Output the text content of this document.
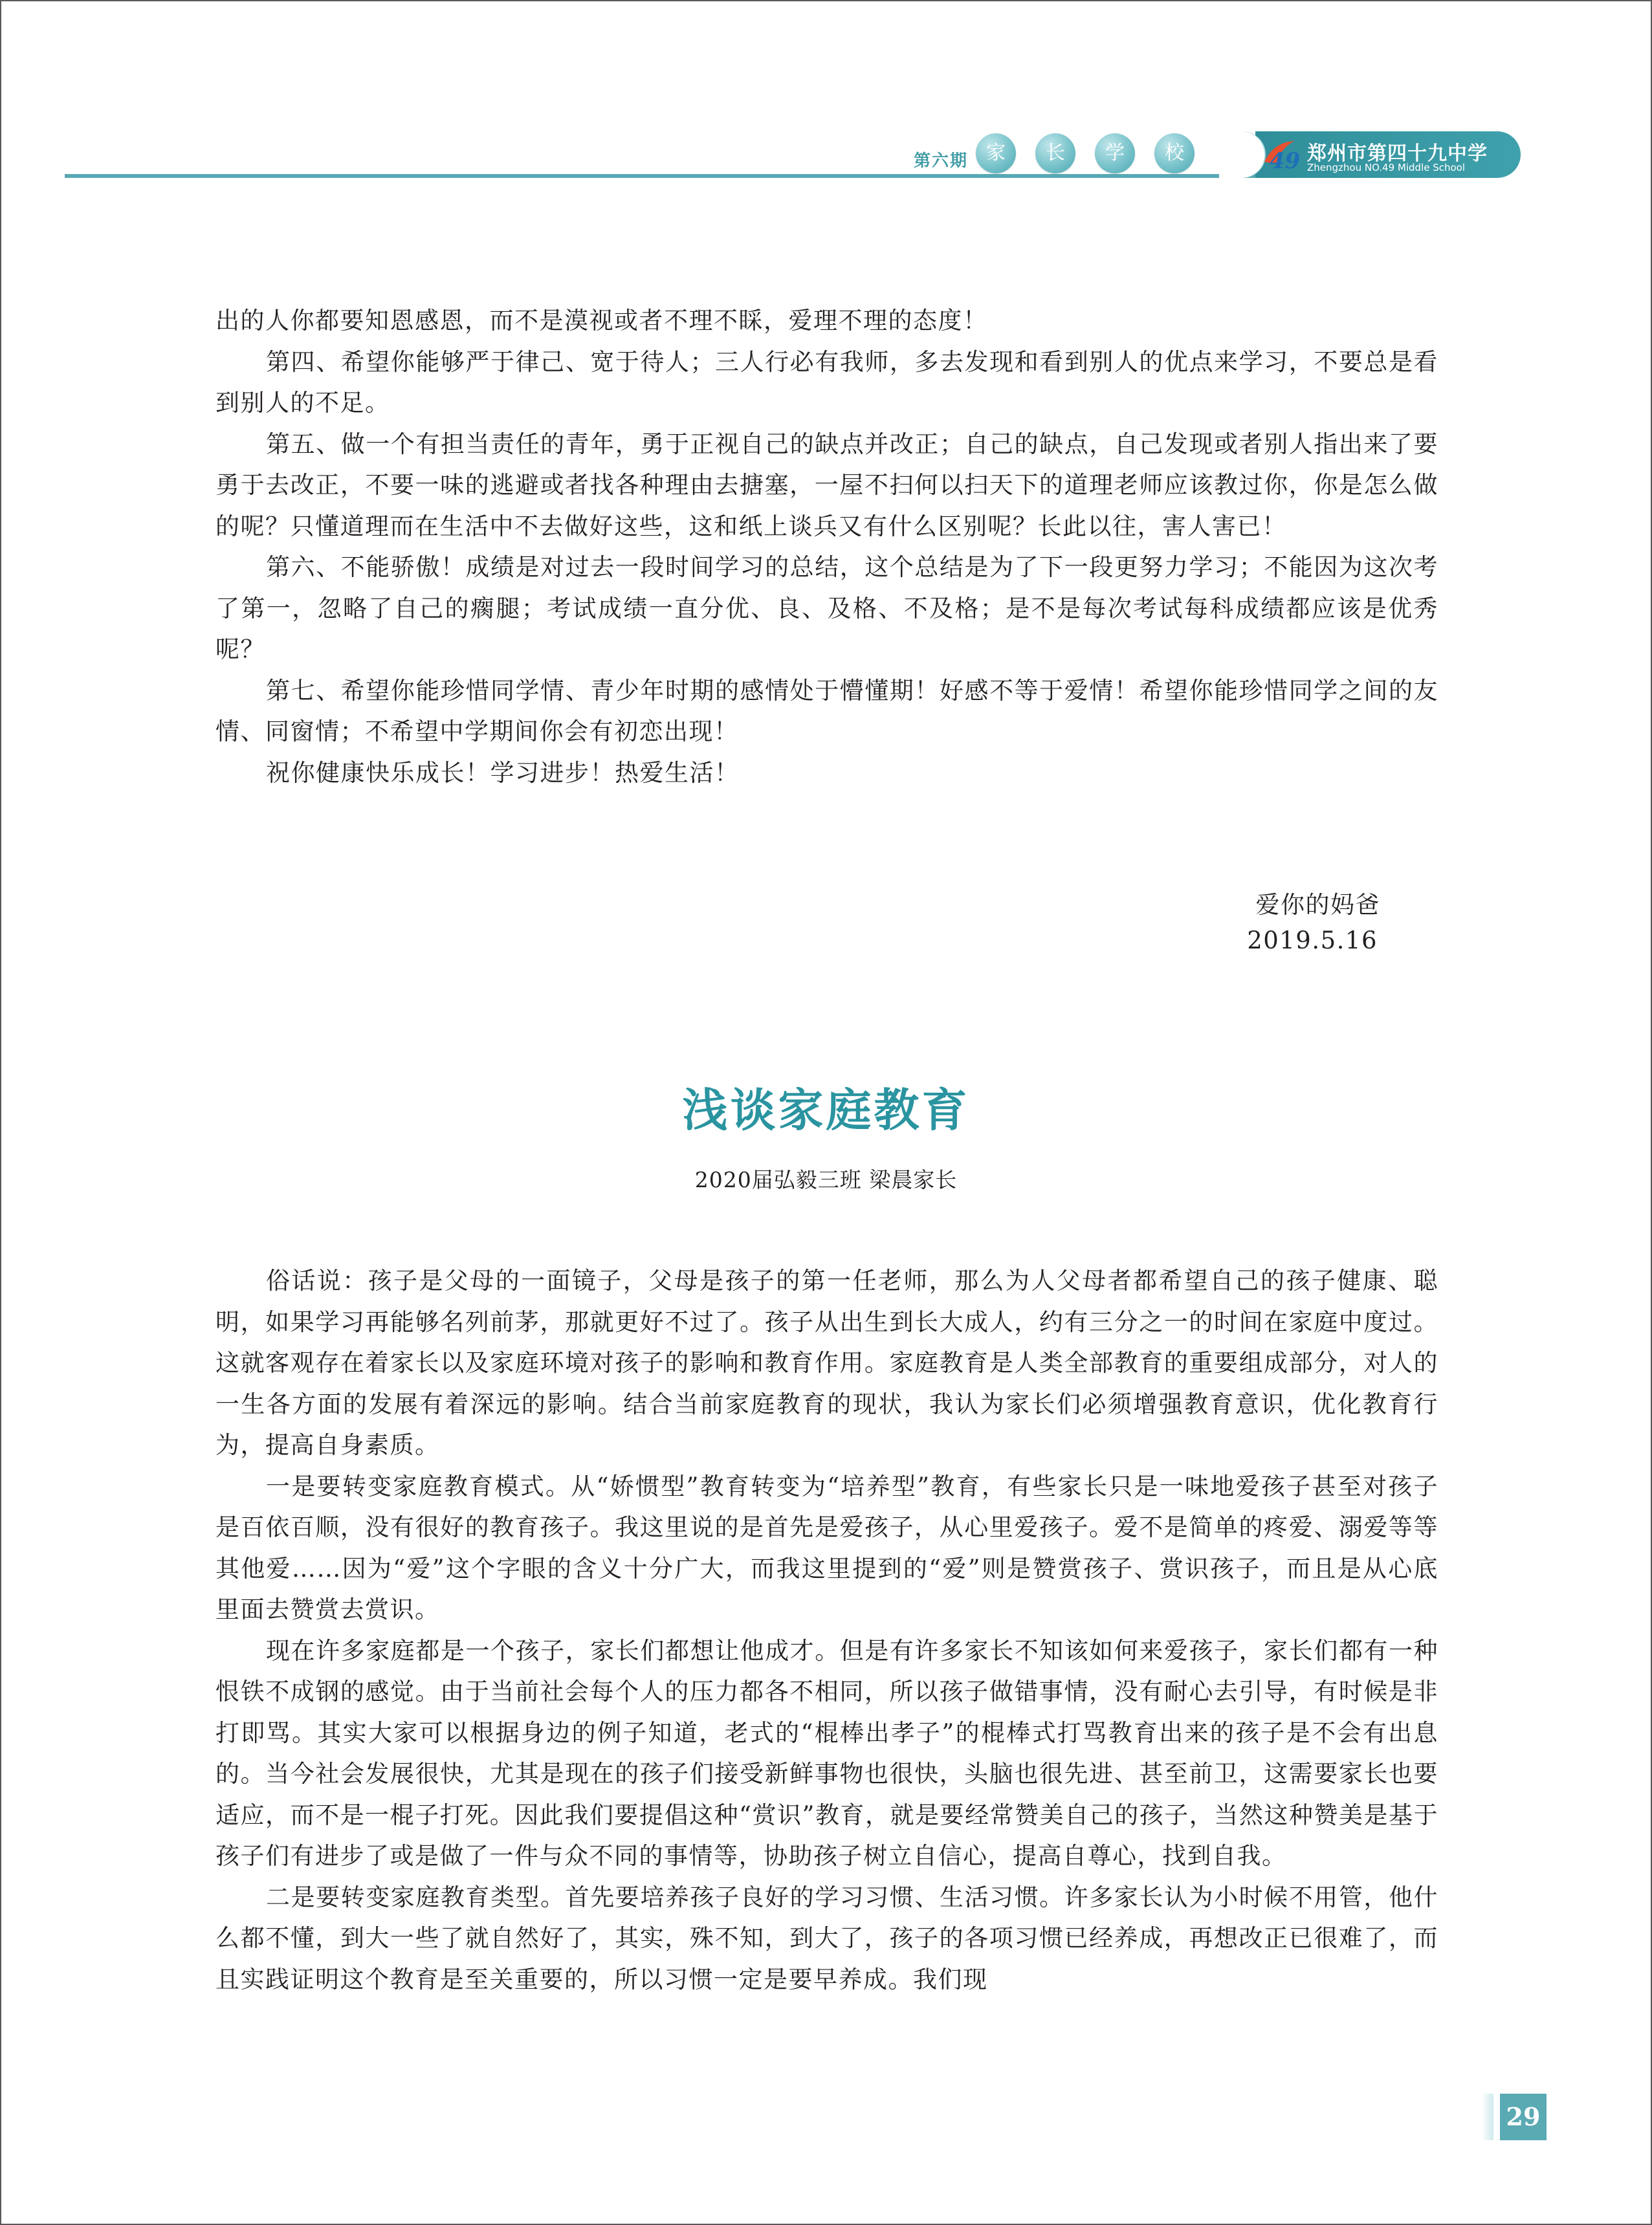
第六期 家	长	学	校	49 郑州市第四十九中学
Zhengzhou NO.49 Middle School

出的人你都要知恩感恩，而不是漠视或者不理不睬，爱理不理的态度！

第四、希望你能够严于律己、宽于待人；三人行必有我师，多去发现和看到别人的优点来学习，不要总是看到别人的不足。

第五、做一个有担当责任的青年，勇于正视自己的缺点并改正；自己的缺点，自己发现或者别人指出来了要勇于去改正，不要一味的逃避或者找各种理由去搪塞，一屋不扫何以扫天下的道理老师应该教过你，你是怎么做的呢？只懂道理而在生活中不去做好这些，这和纸上谈兵又有什么区别呢？长此以往，害人害已！

第六、不能骄傲！成绩是对过去一段时间学习的总结，这个总结是为了下一段更努力学习；不能因为这次考了第一，忽略了自己的瘸腿；考试成绩一直分优、良、及格、不及格；是不是每次考试每科成绩都应该是优秀呢？

第七、希望你能珍惜同学情、青少年时期的感情处于懵懂期！好感不等于爱情！希望你能珍惜同学之间的友情、同窗情；不希望中学期间你会有初恋出现！

祝你健康快乐成长！学习进步！热爱生活！

爱你的妈爸
2019.5.16
浅谈家庭教育
2020届弘毅三班 梁晨家长

俗话说：孩子是父母的一面镜子，父母是孩子的第一任老师，那么为人父母者都希望自己的孩子健康、聪明，如果学习再能够名列前茅，那就更好不过了。孩子从出生到长大成人，约有三分之一的时间在家庭中度过。这就客观存在着家长以及家庭环境对孩子的影响和教育作用。家庭教育是人类全部教育的重要组成部分，对人的一生各方面的发展有着深远的影响。结合当前家庭教育的现状，我认为家长们必须增强教育意识，优化教育行为，提高自身素质。

一是要转变家庭教育模式。从“娇惯型”教育转变为“培养型”教育，有些家长只是一味地爱孩子甚至对孩子是百依百顺，没有很好的教育孩子。我这里说的是首先是爱孩子，从心里爱孩子。爱不是简单的疼爱、溺爱等等其他爱……因为“爱”这个字眼的含义十分广大，而我这里提到的“爱”则是赞赏孩子、赏识孩子，而且是从心底里面去赞赏去赏识。

现在许多家庭都是一个孩子，家长们都想让他成才。但是有许多家长不知该如何来爱孩子，家长们都有一种恨铁不成钢的感觉。由于当前社会每个人的压力都各不相同，所以孩子做错事情，没有耐心去引导，有时候是非打即骂。其实大家可以根据身边的例子知道，老式的“棍棒出孝子”的棍棒式打骂教育出来的孩子是不会有出息的。当今社会发展很快，尤其是现在的孩子们接受新鲜事物也很快，头脑也很先进、甚至前卫，这需要家长也要适应，而不是一棍子打死。因此我们要提倡这种“赏识”教育，就是要经常赞美自己的孩子，当然这种赞美是基于孩子们有进步了或是做了一件与众不同的事情等，协助孩子树立自信心，提高自尊心，找到自我。

二是要转变家庭教育类型。首先要培养孩子良好的学习习惯、生活习惯。许多家长认为小时候不用管，他什么都不懂，到大一些了就自然好了，其实，殊不知，到大了，孩子的各项习惯已经养成，再想改正已很难了，而且实践证明这个教育是至关重要的，所以习惯一定是要早养成。我们现

29
